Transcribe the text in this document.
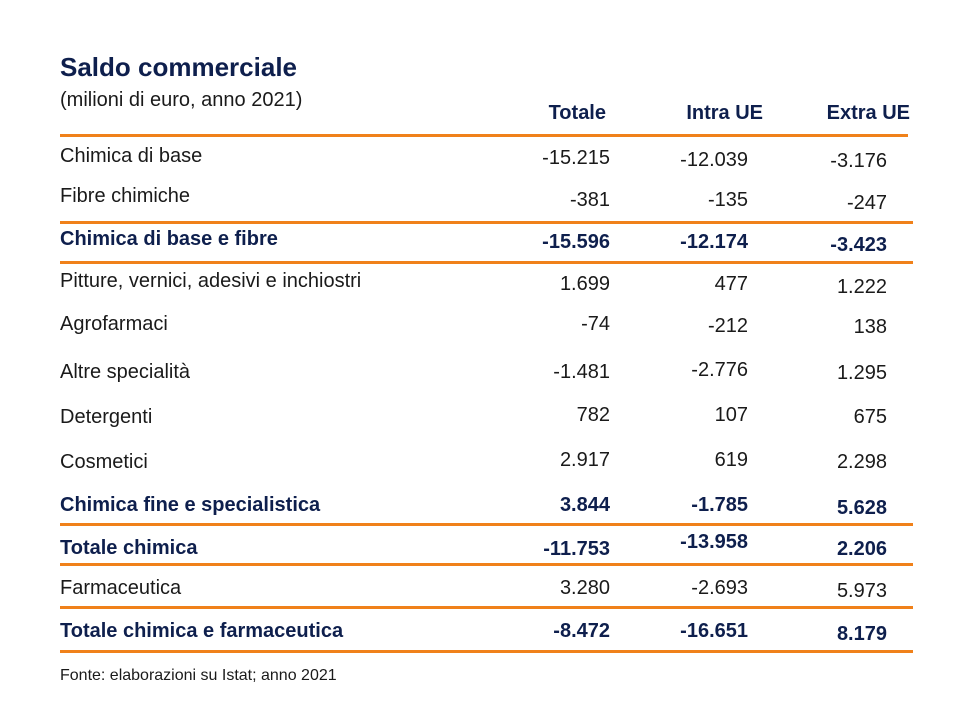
Saldo commerciale
(milioni di euro, anno 2021)
Totale	Intra UE	Extra UE
Chimica di base	-15.215	-12.039	-3.176
Fibre chimiche	-381	-135	-247
Chimica di base e fibre	-15.596	-12.174	-3.423
Pitture, vernici, adesivi e inchiostri	1.699	477	1.222
Agrofarmaci	-74	-212	138
Altre specialità	-1.481	-2.776	1.295
Detergenti	782	107	675
Cosmetici	2.917	619	2.298
Chimica fine e specialistica	3.844	-1.785	5.628
Totale chimica	-11.753	-13.958	2.206
Farmaceutica	3.280	-2.693	5.973
Totale chimica e farmaceutica	-8.472	-16.651	8.179
Fonte: elaborazioni su Istat; anno 2021
